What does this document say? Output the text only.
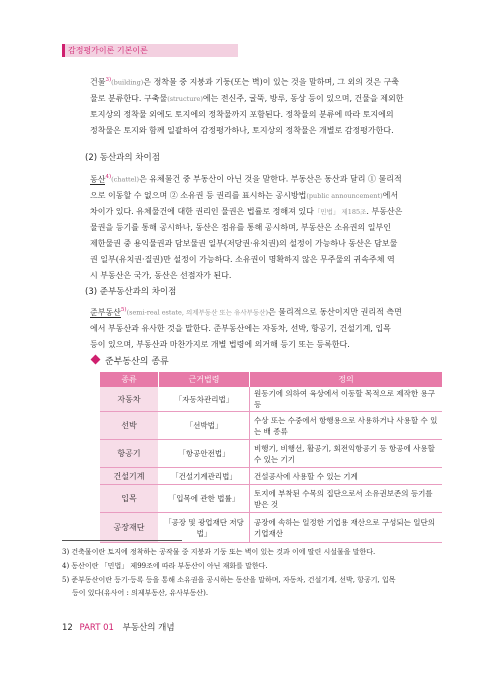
감정평가이론 기본이론
건물$^{3)}$(building)은 정착물 중 지붕과 기둥(또는 벽)이 있는 것을 말하며, 그 외의 것은 구축
물로 분류한다. 구축물(structure)에는 전신주, 굴뚝, 방루, 동상 등이 있으며, 건물을 제외한
토지상의 정착물 외에도 토지에의 정착물까지 포함된다. 정착물의 분류에 따라 토지에의
정착물은 토지와 함께 일괄하여 감정평가하나, 토지상의 정착물은 개별로 감정평가한다.
(2) 동산과의 차이점
동산$^{4)}$(chattel)은 유체물건 중 부동산이 아닌 것을 말한다. 부동산은 동산과 달리 ① 물리적
으로 이동할 수 없으며 ② 소유권 등 권리를 표시하는 공시방법(public announcement)에서
차이가 있다. 유체물건에 대한 권리인 물권은 법률로 정해져 있다「민법」 제185조. 부동산은
물권을 등기를 통해 공시하나, 동산은 점유를 통해 공시하며, 부동산은 소유권의 일부인
제한물권 중 용익물권과 담보물권 일부(저당권·유치권)의 설정이 가능하나 동산은 담보물
권 일부(유치권·질권)만 설정이 가능하다. 소유권이 명확하지 않은 무주물의 귀속주체 역
시 부동산은 국가, 동산은 선점자가 된다.
(3) 준부동산과의 차이점
준부동산$^{5)}$(semi-real estate, 의제부동산 또는 유사부동산)은 물리적으로 동산이지만 권리적 측면
에서 부동산과 유사한 것을 말한다. 준부동산에는 자동차, 선박, 항공기, 건설기계, 입목
등이 있으며, 부동산과 마찬가지로 개별 법령에 의거해 등기 또는 등록한다.
준부동산의 종류
종류	근거법령	정의
자동차	「자동차관리법」	원동기에 의하여 육상에서 이동할 목적으로 제작한 용구 등
선박	「선박법」	수상 또는 수중에서 항행용으로 사용하거나 사용할 수 있는 배 종류
항공기	「항공안전법」	비행기, 비행선, 활공기, 회전익항공기 등 항공에 사용할 수 있는 기기
건설기계	「건설기계관리법」	건설공사에 사용할 수 있는 기계
입목	「입목에 관한 법률」	토지에 부착된 수목의 집단으로서 소유권보존의 등기를 받은 것
공장재단	「공장 및 광업재단 저당법」	공장에 속하는 일정한 기업용 재산으로 구성되는 일단의 기업재산
3) 건축물이란 토지에 정착하는 공작물 중 지붕과 기둥 또는 벽이 있는 것과 이에 딸린 시설물을 말한다.
4) 동산이란 「민법」 제99조에 따라 부동산이 아닌 재화를 말한다.
5) 준부동산이란 등기·등록 등을 통해 소유권을 공시하는 동산을 말하며, 자동차, 건설기계, 선박, 항공기, 입목
등이 있다(유사어 : 의제부동산, 유사부동산).
12 PART 01 부동산의 개념
